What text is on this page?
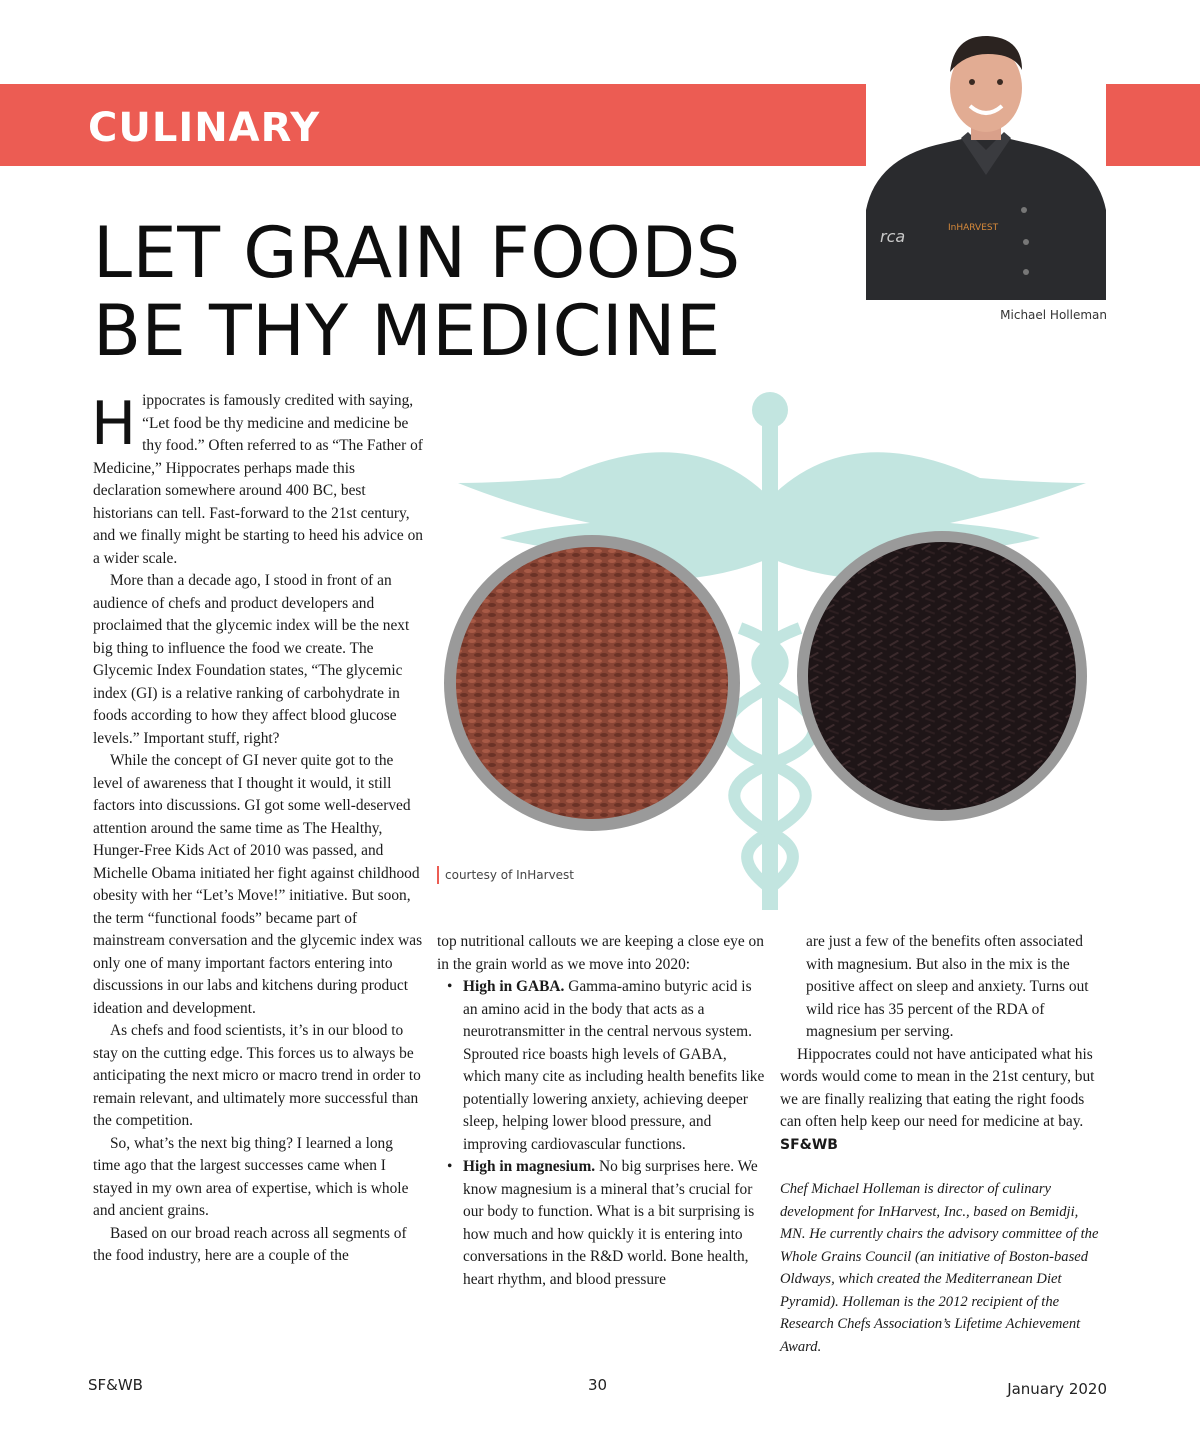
CULINARY
LET GRAIN FOODS
BE THY MEDICINE
InHARVEST
rca
Michael Holleman
courtesy of InHarvest

Hippocrates is famously credited with saying, “Let food be thy medicine and medicine be thy food.” Often referred to as “The Father of Medicine,” Hippocrates perhaps made this declaration somewhere around 400 BC, best historians can tell. Fast-forward to the 21st century, and we finally might be starting to heed his advice on a wider scale.

More than a decade ago, I stood in front of an audience of chefs and product developers and proclaimed that the glycemic index will be the next big thing to influence the food we create. The Glycemic Index Foundation states, “The glycemic index (GI) is a relative ranking of carbohydrate in foods according to how they affect blood glucose levels.” Important stuff, right?

While the concept of GI never quite got to the level of awareness that I thought it would, it still factors into discussions. GI got some well-deserved attention around the same time as The Healthy, Hunger-Free Kids Act of 2010 was passed, and Michelle Obama initiated her fight against childhood obesity with her “Let’s Move!” initiative. But soon, the term “functional foods” became part of mainstream conversation and the glycemic index was only one of many important factors entering into discussions in our labs and kitchens during product ideation and development.

As chefs and food scientists, it’s in our blood to stay on the cutting edge. This forces us to always be anticipating the next micro or macro trend in order to remain relevant, and ultimately more successful than the competition.

So, what’s the next big thing? I learned a long time ago that the largest successes came when I stayed in my own area of expertise, which is whole and ancient grains.

Based on our broad reach across all segments of the food industry, here are a couple of the

top nutritional callouts we are keeping a close eye on in the grain world as we move into 2020:

• High in GABA. Gamma-amino butyric acid is an amino acid in the body that acts as a neurotransmitter in the central nervous system. Sprouted rice boasts high levels of GABA, which many cite as including health benefits like potentially lowering anxiety, achieving deeper sleep, helping lower blood pressure, and improving cardiovascular functions.
• High in magnesium. No big surprises here. We know magnesium is a mineral that’s crucial for our body to function. What is a bit surprising is how much and how quickly it is entering into conversations in the R&D world. Bone health, heart rhythm, and blood pressure

are just a few of the benefits often associated with magnesium. But also in the mix is the positive affect on sleep and anxiety. Turns out wild rice has 35 percent of the RDA of magnesium per serving.

Hippocrates could not have anticipated what his words would come to mean in the 21st century, but we are finally realizing that eating the right foods can often help keep our need for medicine at bay. SF&WB

Chef Michael Holleman is director of culinary development for InHarvest, Inc., based on Bemidji, MN. He currently chairs the advisory committee of the Whole Grains Council (an initiative of Boston-based Oldways, which created the Mediterranean Diet Pyramid). Holleman is the 2012 recipient of the Research Chefs Association’s Lifetime Achievement Award.

SF&WB	30	January 2020
